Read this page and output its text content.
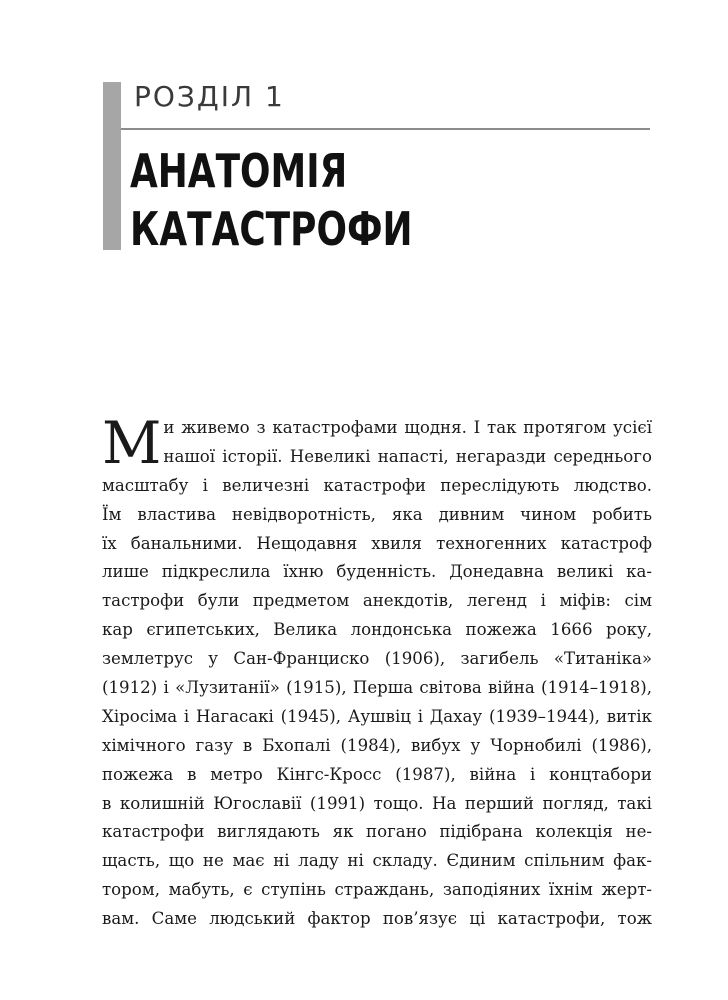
РОЗДІЛ 1
АНАТОМІЯ
КАТАСТРОФИ
М и живемо з катастрофами щодня. І так протягом усієї
нашої історії. Невеликі напасті, негаразди середнього
масштабу і величезні катастрофи переслідують людство.
Їм властива невідворотність, яка дивним чином робить
їх банальними. Нещодавня хвиля техногенних катастроф
лише підкреслила їхню буденність. Донедавна великі ка-
тастрофи були предметом анекдотів, легенд і міфів: сім
кар єгипетських, Велика лондонська пожежа 1666 року,
землетрус у Сан-Франциско (1906), загибель «Титаніка»
(1912) і «Лузитанії» (1915), Перша світова війна (1914–1918),
Хіросіма і Нагасакі (1945), Аушвіц і Дахау (1939–1944), витік
хімічного газу в Бхопалі (1984), вибух у Чорнобилі (1986),
пожежа в метро Кінгс-Кросс (1987), війна і концтабори
в колишній Югославії (1991) тощо. На перший погляд, такі
катастрофи виглядають як погано підібрана колекція не-
щасть, що не має ні ладу ні складу. Єдиним спільним фак-
тором, мабуть, є ступінь страждань, заподіяних їхнім жерт-
вам. Саме людський фактор пов’язує ці катастрофи, тож
